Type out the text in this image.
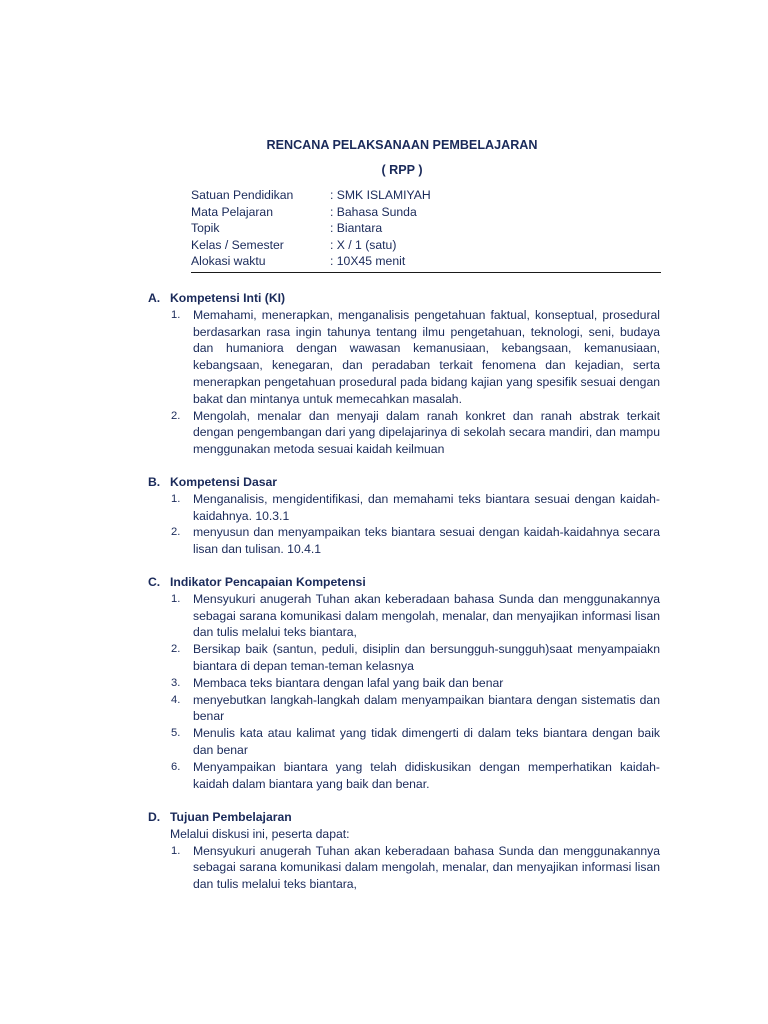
RENCANA PELAKSANAAN PEMBELAJARAN
( RPP )
Satuan Pendidikan	: SMK ISLAMIYAH
Mata Pelajaran	: Bahasa Sunda
Topik	: Biantara
Kelas / Semester	: X / 1 (satu)
Alokasi waktu	: 10X45 menit
A. Kompetensi Inti (KI)
1.	Memahami, menerapkan, menganalisis pengetahuan faktual, konseptual, prosedural berdasarkan rasa ingin tahunya tentang ilmu pengetahuan, teknologi, seni, budaya dan humaniora dengan wawasan kemanusiaan, kebangsaan, kemanusiaan, kebangsaan, kenegaran, dan peradaban terkait fenomena dan kejadian, serta menerapkan pengetahuan prosedural pada bidang kajian yang spesifik sesuai dengan bakat dan mintanya untuk memecahkan masalah.
2.	Mengolah, menalar dan menyaji dalam ranah konkret dan ranah abstrak terkait dengan pengembangan dari yang dipelajarinya di sekolah secara mandiri, dan mampu menggunakan metoda sesuai kaidah keilmuan
B. Kompetensi Dasar
1.	Menganalisis, mengidentifikasi, dan memahami teks biantara sesuai dengan kaidah-kaidahnya. 10.3.1
2.	menyusun dan menyampaikan teks biantara sesuai dengan kaidah-kaidahnya secara lisan dan tulisan. 10.4.1
C. Indikator Pencapaian Kompetensi
1.	Mensyukuri anugerah Tuhan akan keberadaan bahasa Sunda dan menggunakannya sebagai sarana komunikasi dalam mengolah, menalar, dan menyajikan informasi lisan dan tulis melalui teks biantara,
2.	Bersikap baik (santun, peduli, disiplin dan bersungguh-sungguh)saat menyampaiakn biantara di depan teman-teman kelasnya
3.	Membaca teks biantara dengan lafal yang baik dan benar
4.	menyebutkan langkah-langkah dalam menyampaikan biantara dengan sistematis dan benar
5.	Menulis kata atau kalimat yang tidak dimengerti di dalam teks biantara dengan baik dan benar
6.	Menyampaikan biantara yang telah didiskusikan dengan memperhatikan kaidah-kaidah dalam biantara yang baik dan benar.
D. Tujuan Pembelajaran
Melalui diskusi ini, peserta dapat:
1.	Mensyukuri anugerah Tuhan akan keberadaan bahasa Sunda dan menggunakannya sebagai sarana komunikasi dalam mengolah, menalar, dan menyajikan informasi lisan dan tulis melalui teks biantara,
